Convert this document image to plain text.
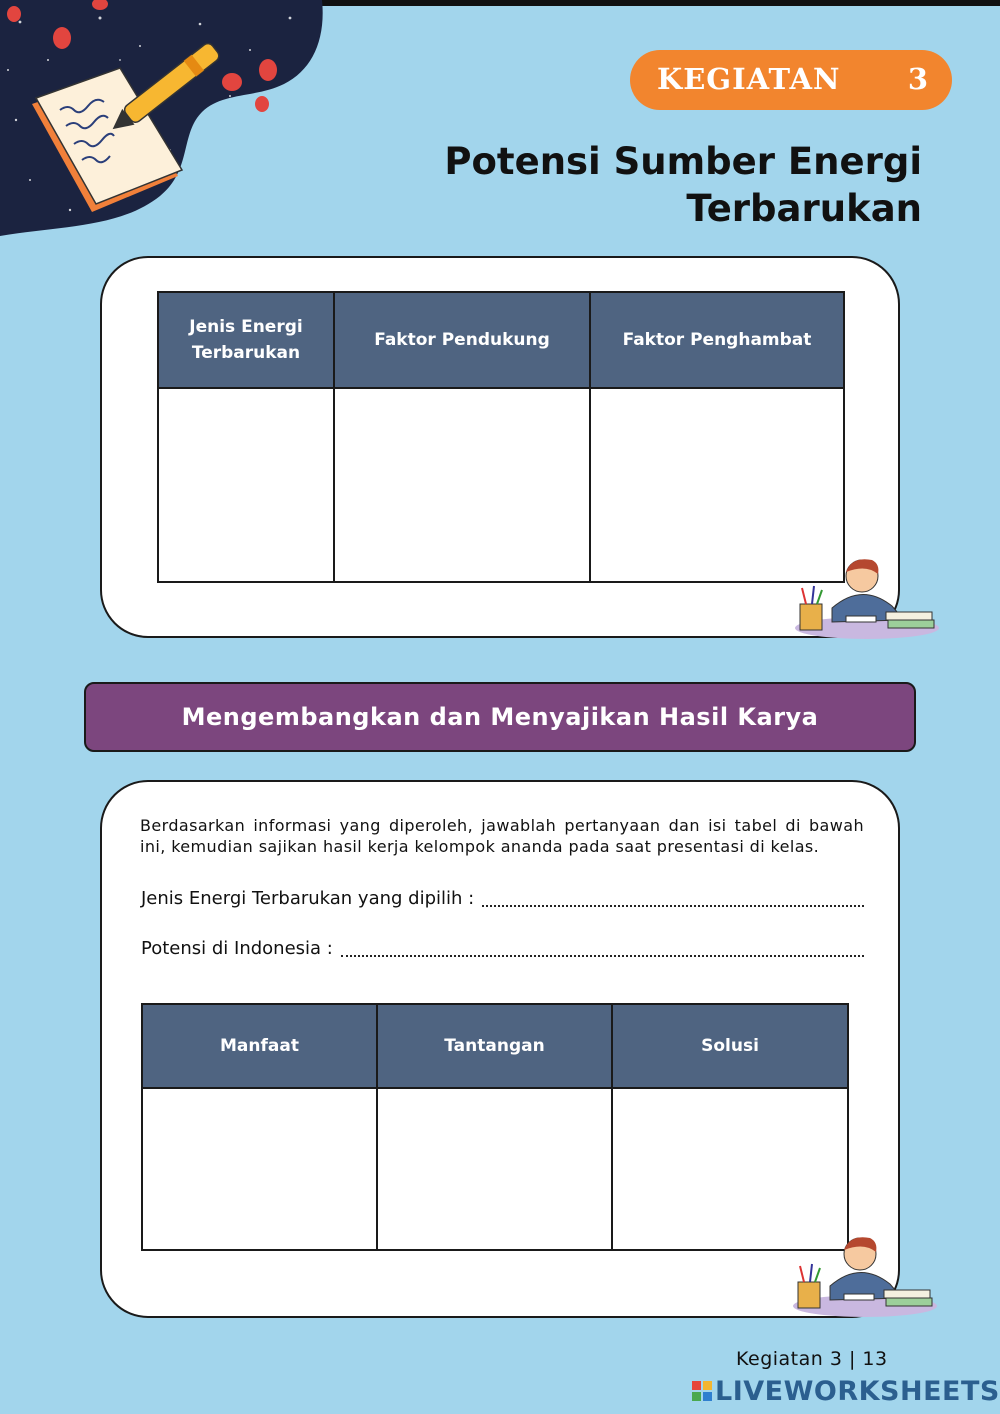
KEGIATAN 3
Potensi Sumber Energi
Terbarukan
Jenis Energi Terbarukan	Faktor Pendukung	Faktor Penghambat

Mengembangkan dan Menyajikan Hasil Karya
Berdasarkan informasi yang diperoleh, jawablah pertanyaan dan isi tabel di bawah ini, kemudian sajikan hasil kerja kelompok ananda pada saat presentasi di kelas.
Jenis Energi Terbarukan yang dipilih :
Potensi di Indonesia :
Manfaat	Tantangan	Solusi

Kegiatan 3 | 13
LIVEWORKSHEETS
